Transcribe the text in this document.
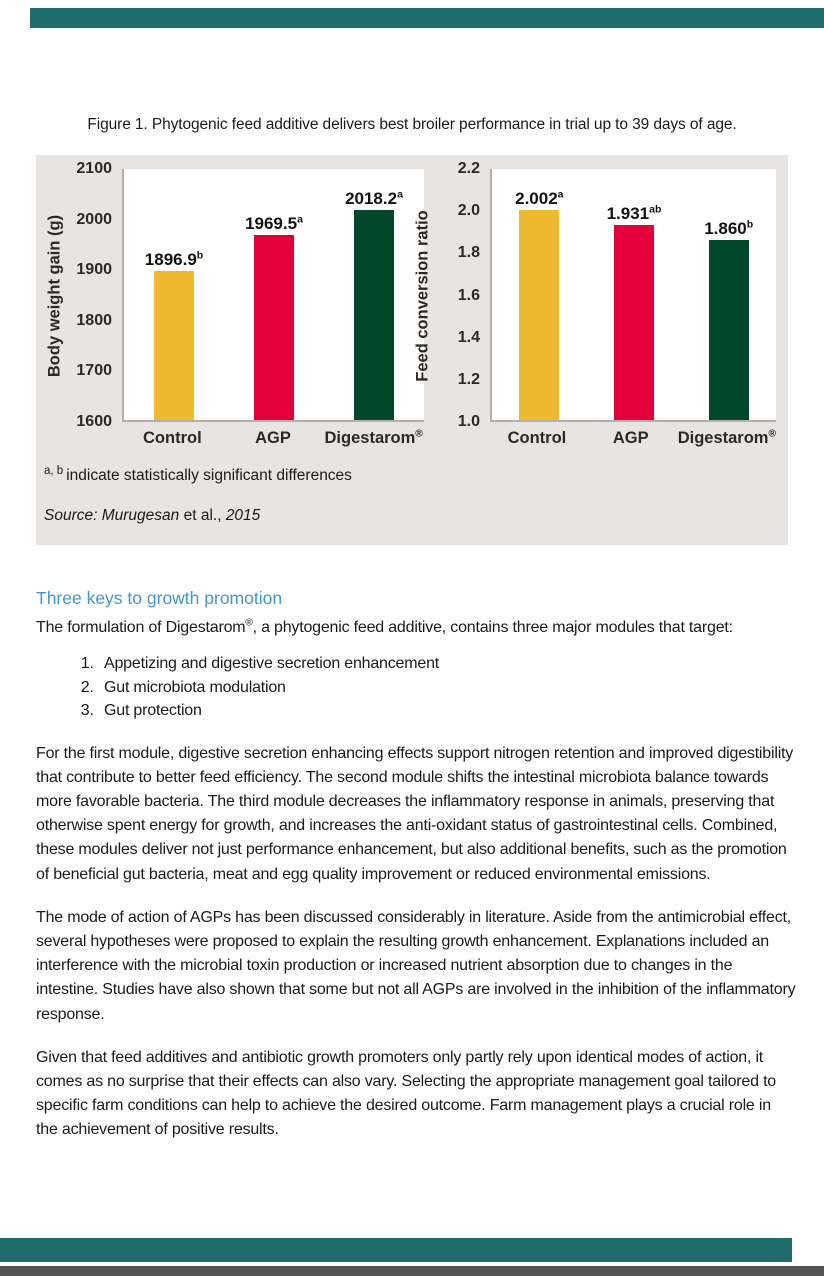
Figure 1. Phytogenic feed additive delivers best broiler performance in trial up to 39 days of age.
Body weight gain (g)
2100
2000
1900
1800
1700
1600
1896.9$^b$
1969.5$^a$
2018.2$^a$
Control	AGP	Digestarom®
Feed conversion ratio
2.2
2.0
1.8
1.6
1.4
1.2
1.0
2.002$^a$
1.931$^{ab}$
1.860$^b$
Control	AGP	Digestarom®
$^{a, b}$ indicate statistically significant differences
Source: Murugesan et al., 2015
Three keys to growth promotion

The formulation of Digestarom®, a phytogenic feed additive, contains three major modules that target:

1. Appetizing and digestive secretion enhancement
2. Gut microbiota modulation
3. Gut protection

For the first module, digestive secretion enhancing effects support nitrogen retention and improved digestibility that contribute to better feed efficiency. The second module shifts the intestinal microbiota balance towards more favorable bacteria. The third module decreases the inflammatory response in animals, preserving that otherwise spent energy for growth, and increases the anti-oxidant status of gastrointestinal cells. Combined, these modules deliver not just performance enhancement, but also additional benefits, such as the promotion of beneficial gut bacteria, meat and egg quality improvement or reduced environmental emissions.

The mode of action of AGPs has been discussed considerably in literature. Aside from the antimicrobial effect, several hypotheses were proposed to explain the resulting growth enhancement. Explanations included an interference with the microbial toxin production or increased nutrient absorption due to changes in the intestine. Studies have also shown that some but not all AGPs are involved in the inhibition of the inflammatory response.

Given that feed additives and antibiotic growth promoters only partly rely upon identical modes of action, it comes as no surprise that their effects can also vary. Selecting the appropriate management goal tailored to specific farm conditions can help to achieve the desired outcome. Farm management plays a crucial role in the achievement of positive results.
